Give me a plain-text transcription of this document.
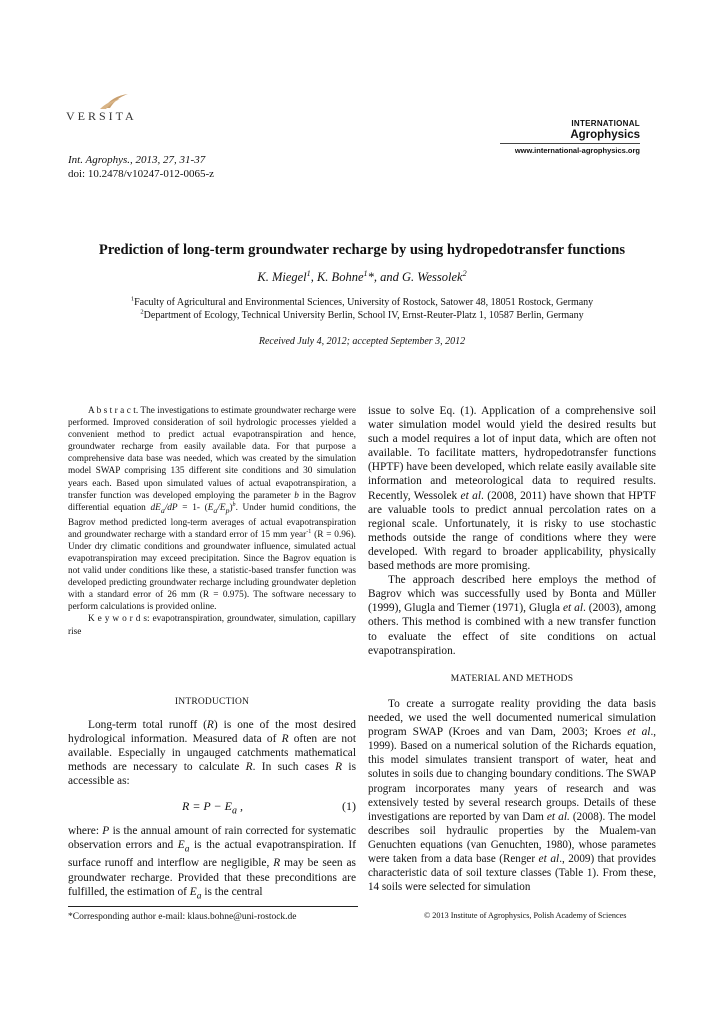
VERSITA
INTERNATIONAL
Agrophysics
www.international-agrophysics.org
Int. Agrophys., 2013, 27, 31-37
doi: 10.2478/v10247-012-0065-z
Prediction of long-term groundwater recharge by using hydropedotransfer functions
K. Miegel$^1$, K. Bohne$^1$*, and G. Wessolek$^2$
$^1$Faculty of Agricultural and Environmental Sciences, University of Rostock, Satower 48, 18051 Rostock, Germany
$^2$Department of Ecology, Technical University Berlin, School IV, Ernst-Reuter-Platz 1, 10587 Berlin, Germany
Received July 4, 2012; accepted September 3, 2012

A b s t r a c t. The investigations to estimate groundwater recharge were performed. Improved consideration of soil hydrologic processes yielded a convenient method to predict actual evapotranspiration and hence, groundwater recharge from easily available data. For that purpose a comprehensive data base was needed, which was created by the simulation model SWAP comprising 135 different site conditions and 30 simulation years each. Based upon simulated values of actual evapotranspiration, a transfer function was developed employing the parameter b in the Bagrov differential equation $dE_a/dP = 1-$ $(E_a/E_p)^b$. Under humid conditions, the Bagrov method predicted long-term averages of actual evapotranspiration and groundwater recharge with a standard error of 15 mm year$^{-1}$ (R = 0.96). Under dry climatic conditions and groundwater influence, simulated actual evapotranspiration may exceed precipitation. Since the Bagrov equation is not valid under conditions like these, a statistic-based transfer function was developed predicting groundwater recharge including groundwater depletion with a standard error of 26 mm (R = 0.975). The software necessary to perform calculations is provided online.

K e y w o r d s: evapotranspiration, groundwater, simulation, capillary rise

INTRODUCTION

Long-term total runoff (R) is one of the most desired hydrological information. Measured data of R often are not available. Especially in ungauged catchments mathematical methods are necessary to calculate R. In such cases R is accessible as:

$R = P - E_a$ ,	(1)

where: P is the annual amount of rain corrected for systematic observation errors and $E_a$ is the actual evapotranspiration. If surface runoff and interflow are negligible, R may be seen as groundwater recharge. Provided that these preconditions are fulfilled, the estimation of $E_a$ is the central

issue to solve Eq. (1). Application of a comprehensive soil water simulation model would yield the desired results but such a model requires a lot of input data, which are often not available. To facilitate matters, hydropedotransfer functions (HPTF) have been developed, which relate easily available site information and meteorological data to required results. Recently, Wessolek et al. (2008, 2011) have shown that HPTF are valuable tools to predict annual percolation rates on a regional scale. Unfortunately, it is risky to use stochastic methods outside the range of conditions where they were developed. With regard to broader applicability, physically based methods are more promising.

The approach described here employs the method of Bagrov which was successfully used by Bonta and Müller (1999), Glugla and Tiemer (1971), Glugla et al. (2003), among others. This method is combined with a new transfer function to evaluate the effect of site conditions on actual evapotranspiration.

MATERIAL AND METHODS

To create a surrogate reality providing the data basis needed, we used the well documented numerical simulation program SWAP (Kroes and van Dam, 2003; Kroes et al., 1999). Based on a numerical solution of the Richards equation, this model simulates transient transport of water, heat and solutes in soils due to changing boundary conditions. The SWAP program incorporates many years of research and was extensively tested by several research groups. Details of these investigations are reported by van Dam et al. (2008). The model describes soil hydraulic properties by the Mualem-van Genuchten equations (van Genuchten, 1980), whose parametes were taken from a data base (Renger et al., 2009) that provides characteristic data of soil texture classes (Table 1). From these, 14 soils were selected for simulation

*Corresponding author e-mail: klaus.bohne@uni-rostock.de	© 2013 Institute of Agrophysics, Polish Academy of Sciences
